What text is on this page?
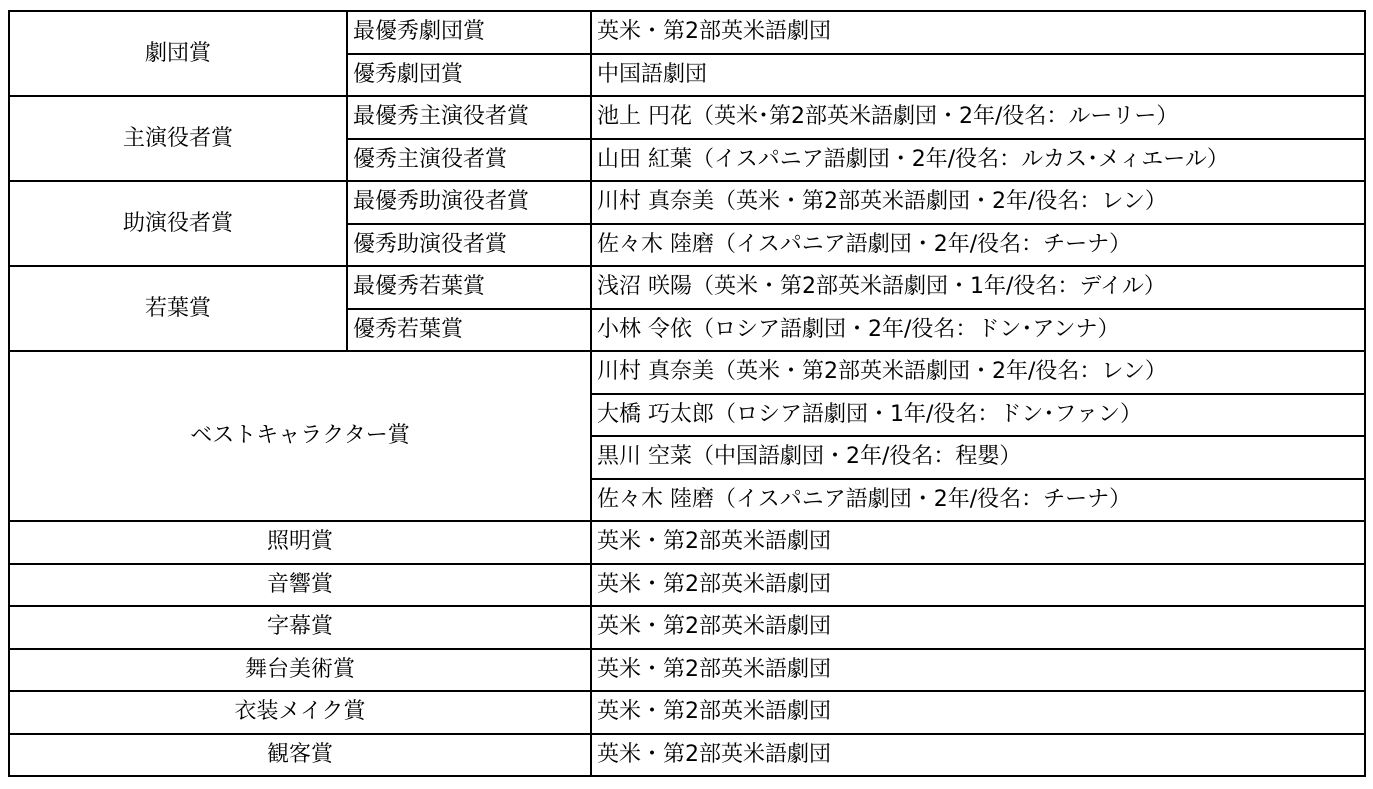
劇団賞	最優秀劇団賞	英米・第2部英米語劇団
	優秀劇団賞	中国語劇団
主演役者賞	最優秀主演役者賞	池上 円花（英米･第2部英米語劇団・2年/役名：ルーリー）
	優秀主演役者賞	山田 紅葉（イスパニア語劇団・2年/役名：ルカス･メィエール）
助演役者賞	最優秀助演役者賞	川村 真奈美（英米・第2部英米語劇団・2年/役名：レン）
	優秀助演役者賞	佐々木 陸磨（イスパニア語劇団・2年/役名：チーナ）
若葉賞	最優秀若葉賞	浅沼 咲陽（英米・第2部英米語劇団・1年/役名：デイル）
	優秀若葉賞	小林 令依（ロシア語劇団・2年/役名：ドン･アンナ）
ベストキャラクター賞		川村 真奈美（英米・第2部英米語劇団・2年/役名：レン）
		大橋 巧太郎（ロシア語劇団・1年/役名：ドン･ファン）
		黒川 空菜（中国語劇団・2年/役名：程嬰）
		佐々木 陸磨（イスパニア語劇団・2年/役名：チーナ）
照明賞		英米・第2部英米語劇団
音響賞		英米・第2部英米語劇団
字幕賞		英米・第2部英米語劇団
舞台美術賞		英米・第2部英米語劇団
衣装メイク賞		英米・第2部英米語劇団
観客賞		英米・第2部英米語劇団
